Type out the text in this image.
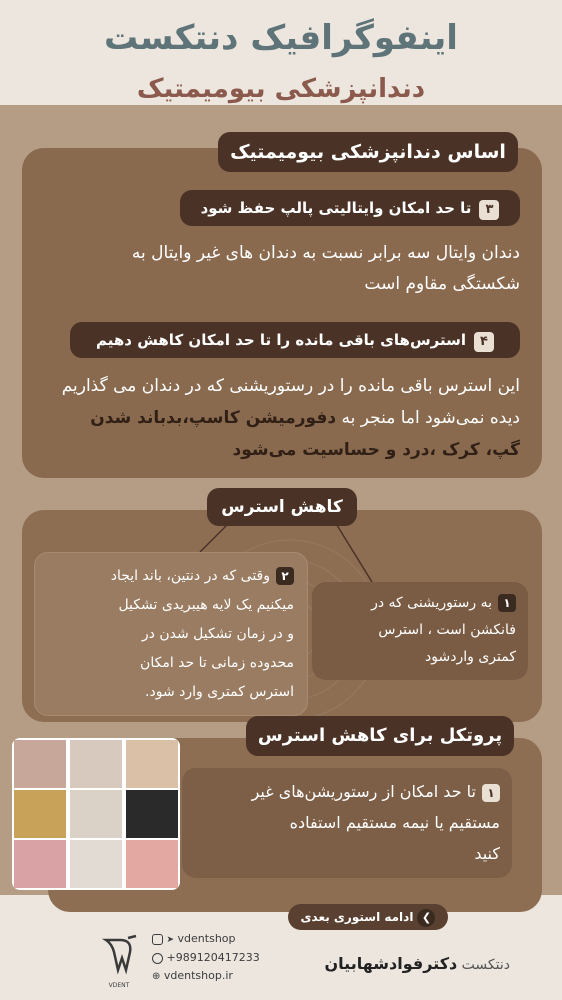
اینفوگرافیک دنتکست
دندانپزشکی بیومیمتیک
اساس دندانپزشکی بیومیمتیک
۳تا حد امکان وایتالیتی پالپ حفظ شود
دندان وایتال سه برابر نسبت به دندان های غیر وایتال به
شکستگی مقاوم است
۴استرس‌های باقی مانده را تا حد امکان کاهش دهیم
این استرس باقی مانده را در رستوریشنی که در دندان می گذاریم
دیده نمی‌شود اما منجر به دفورمیشن کاسپ،‌بدباند شدن
گپ، کرک ،درد و حساسیت می‌شود
کاهش استرس
۲وقتی که در دنتین، باند ایجاد
میکنیم یک لایه هیبریدی تشکیل
و در زمان تشکیل شدن در
محدوده زمانی تا حد امکان
استرس کمتری وارد شود.
۱به رستوریشنی که در
فانکشن است ، استرس
کمتری واردشود
پروتکل برای کاهش استرس
۱تا حد امکان از رستوریشن‌های غیر
مستقیم یا نیمه مستقیم استفاده
کنید
❯ادامه استوری بعدی
VDENT
➤ vdentshop
+989120417233
⊕ vdentshop.ir
دنتکست دکترفوادشهابیان
